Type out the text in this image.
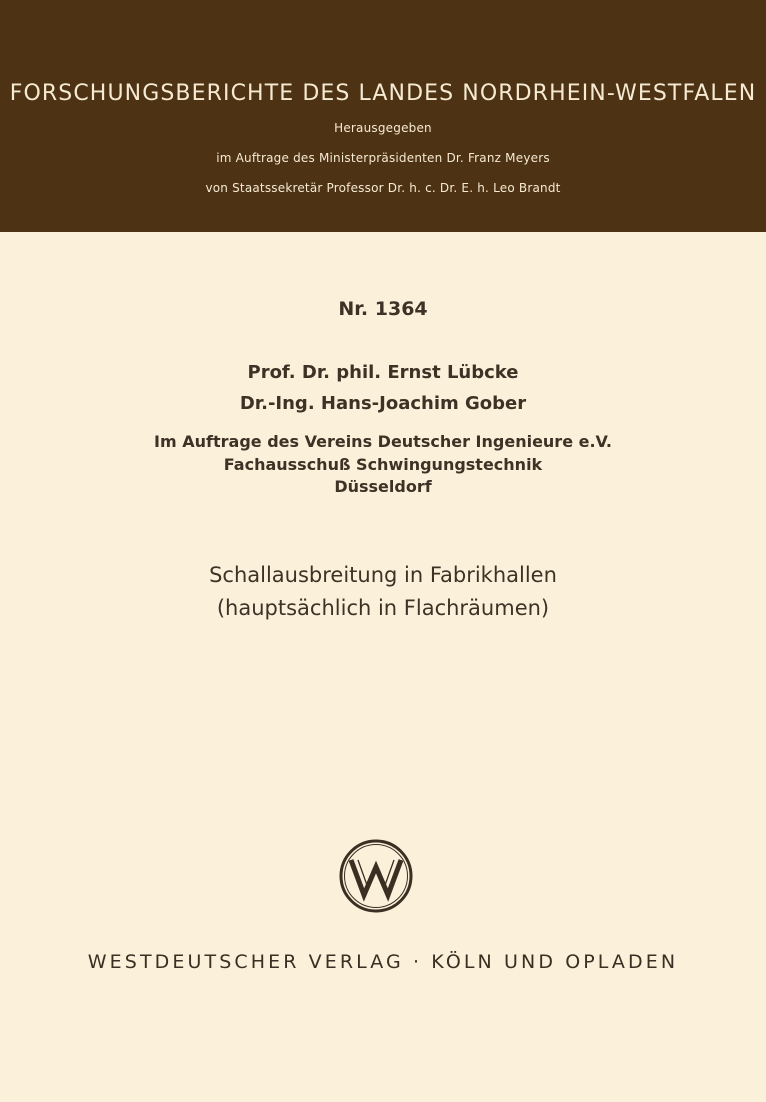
FORSCHUNGSBERICHTE DES LANDES NORDRHEIN-WESTFALEN
Herausgegeben
im Auftrage des Ministerpräsidenten Dr. Franz Meyers
von Staatssekretär Professor Dr. h. c. Dr. E. h. Leo Brandt
Nr. 1364
Prof. Dr. phil. Ernst Lübcke
Dr.-Ing. Hans-Joachim Gober
Im Auftrage des Vereins Deutscher Ingenieure e.V.
Fachausschuß Schwingungstechnik
Düsseldorf
Schallausbreitung in Fabrikhallen
(hauptsächlich in Flachräumen)
WESTDEUTSCHER VERLAG · KÖLN UND OPLADEN
